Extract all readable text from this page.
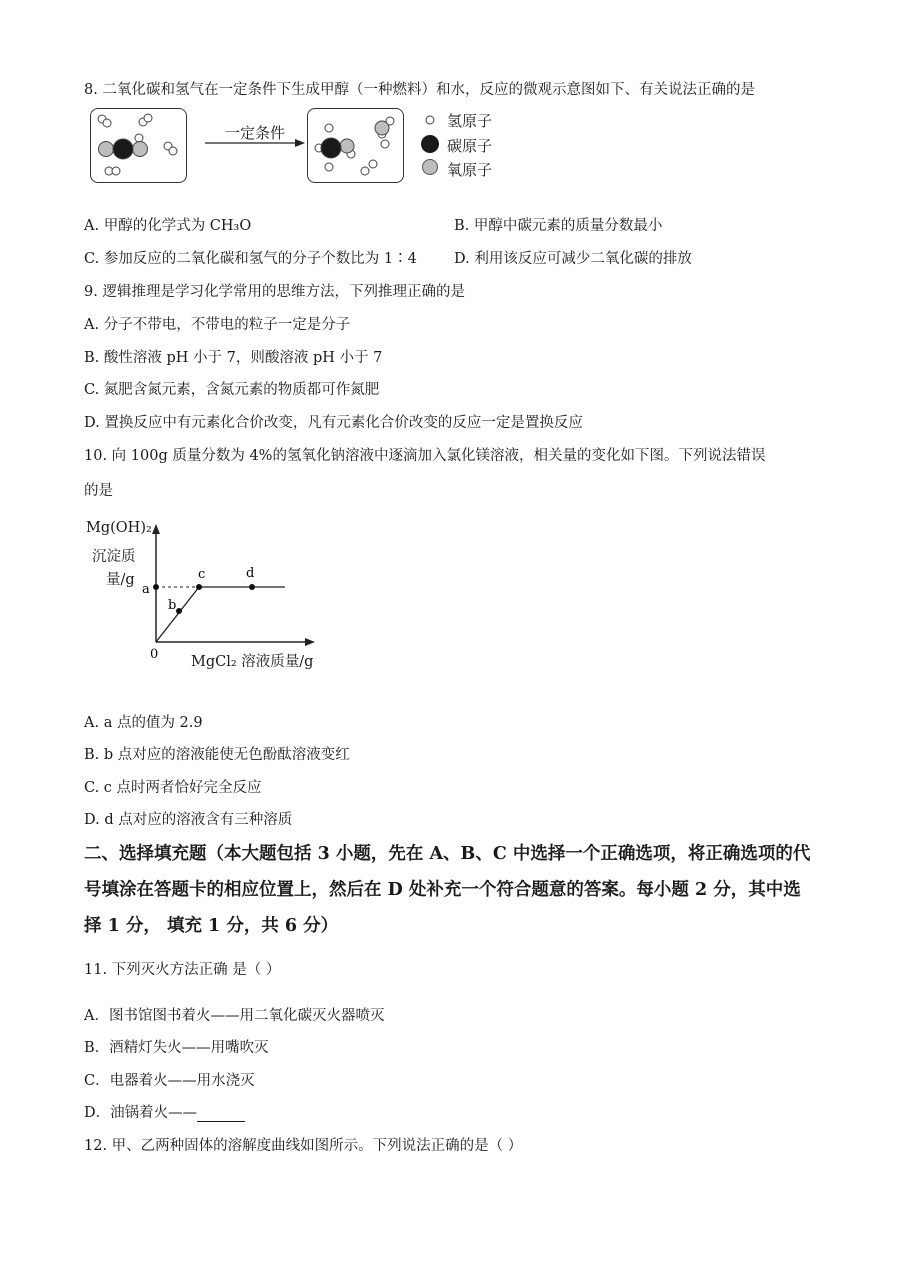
8. 二氧化碳和氢气在一定条件下生成甲醇（一种燃料）和水，反应的微观示意图如下、有关说法正确的是
一定条件
氢原子
碳原子
氧原子
A. 甲醇的化学式为 CH₃O	B. 甲醇中碳元素的质量分数最小
C. 参加反应的二氧化碳和氢气的分子个数比为 1∶4	D. 利用该反应可减少二氧化碳的排放
9. 逻辑推理是学习化学常用的思维方法，下列推理正确的是
A. 分子不带电，不带电的粒子一定是分子
B. 酸性溶液 pH 小于 7，则酸溶液 pH 小于 7
C. 氮肥含氮元素，含氮元素的物质都可作氮肥
D. 置换反应中有元素化合价改变，凡有元素化合价改变的反应一定是置换反应
10. 向 100g 质量分数为 4%的氢氧化钠溶液中逐滴加入氯化镁溶液，相关量的变化如下图。下列说法错误
的是
Mg(OH)₂
沉淀质
量/g
a
b
c	d
0 MgCl₂ 溶液质量/g
A. a 点的值为 2.9
B. b 点对应的溶液能使无色酚酞溶液变红
C. c 点时两者恰好完全反应
D. d 点对应的溶液含有三种溶质
二、选择填充题（本大题包括 3 小题，先在 A、B、C 中选择一个正确选项，将正确选项的代
号填涂在答题卡的相应位置上，然后在 D 处补充一个符合题意的答案。每小题 2 分，其中选
择 1 分， 填充 1 分，共 6 分）
11. 下列灭火方法正确 是（ ）
A．图书馆图书着火——用二氧化碳灭火器喷灭
B．酒精灯失火——用嘴吹灭
C．电器着火——用水浇灭
D．油锅着火——
12. 甲、乙两种固体的溶解度曲线如图所示。下列说法正确的是（ ）
